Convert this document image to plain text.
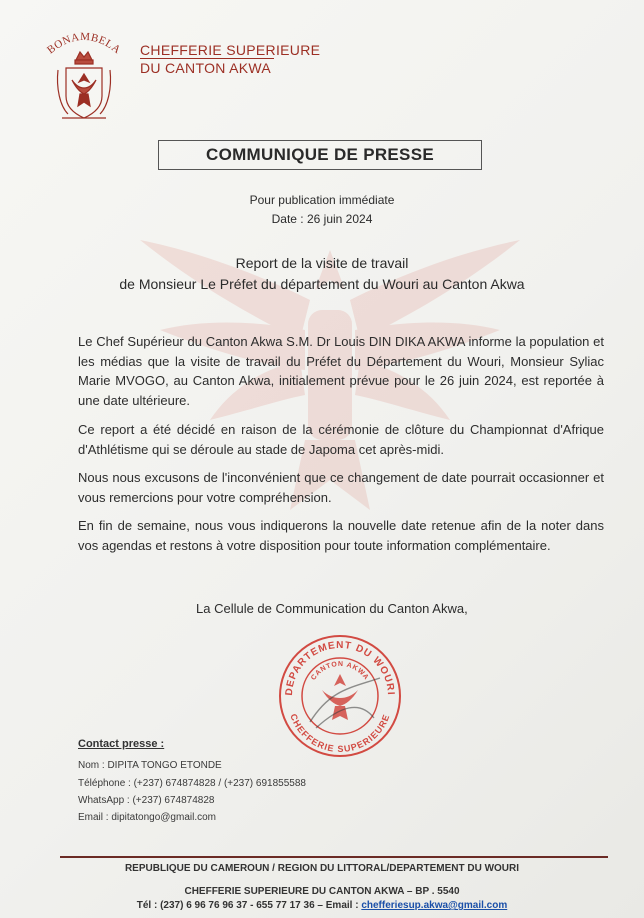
BONAMBELA CHEFFERIE SUPERIEURE
DU CANTON AKWA
COMMUNIQUE DE PRESSE
Pour publication immédiate
Date : 26 juin 2024
Report de la visite de travail
de Monsieur Le Préfet du département du Wouri au Canton Akwa

Le Chef Supérieur du Canton Akwa S.M. Dr Louis DIN DIKA AKWA informe la population et les médias que la visite de travail du Préfet du Département du Wouri, Monsieur Syliac Marie MVOGO, au Canton Akwa, initialement prévue pour le 26 juin 2024, est reportée à une date ultérieure.

Ce report a été décidé en raison de la cérémonie de clôture du Championnat d'Afrique d'Athlétisme qui se déroule au stade de Japoma cet après-midi.

Nous nous excusons de l'inconvénient que ce changement de date pourrait occasionner et vous remercions pour votre compréhension.

En fin de semaine, nous vous indiquerons la nouvelle date retenue afin de la noter dans vos agendas et restons à votre disposition pour toute information complémentaire.

La Cellule de Communication du Canton Akwa,
DEPARTEMENT DU WOURI
CANTON AKWA
CHEFFERIE SUPERIEURE
Contact presse :
Nom : DIPITA TONGO ETONDE
Téléphone : (+237) 674874828 / (+237) 691855588
WhatsApp : (+237) 674874828
Email : dipitatongo@gmail.com
REPUBLIQUE DU CAMEROUN / REGION DU LITTORAL/DEPARTEMENT DU WOURI
CHEFFERIE SUPERIEURE DU CANTON AKWA – BP . 5540
Tél : (237) 6 96 76 96 37 - 655 77 17 36 – Email : chefferiesup.akwa@gmail.com
